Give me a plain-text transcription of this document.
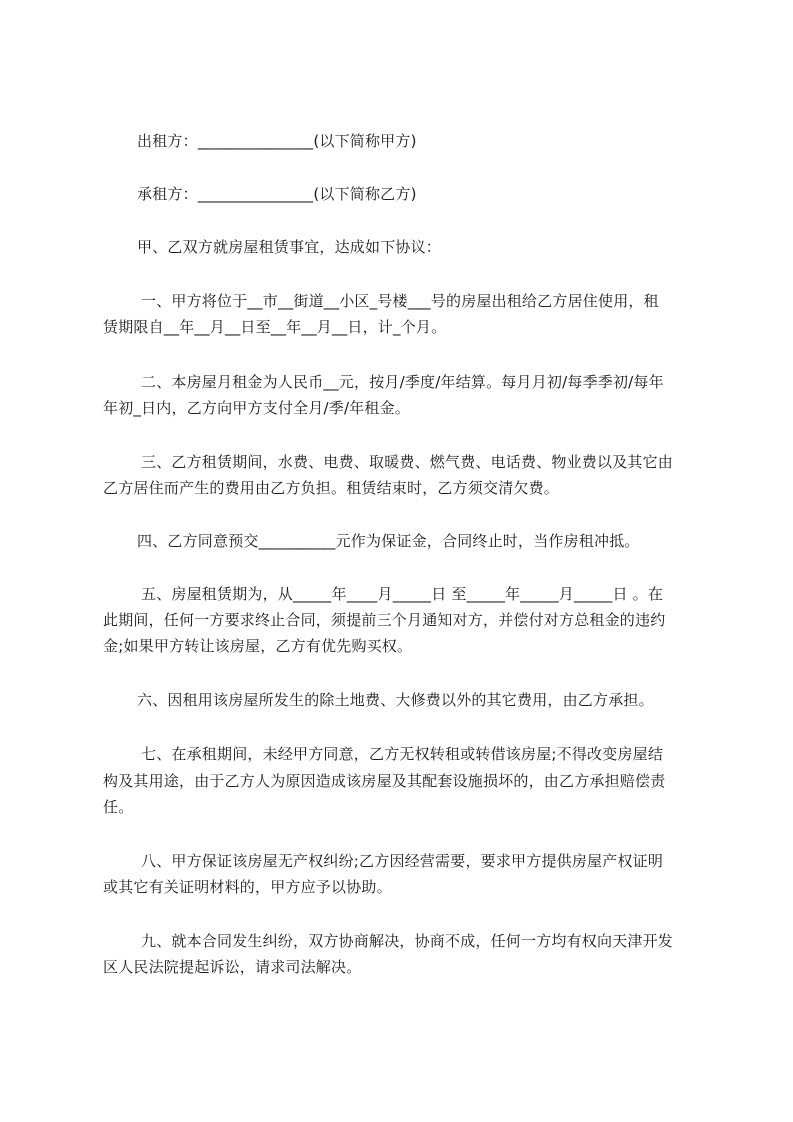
出租方：_______________(以下简称甲方)
承租方：_______________(以下简称乙方)
甲、乙双方就房屋租赁事宜，达成如下协议：
一、甲方将位于__市__街道__小区_号楼___号的房屋出租给乙方居住使用，租
赁期限自__年__月__日至__年__月__日，计_个月。
二、本房屋月租金为人民币__元，按月/季度/年结算。每月月初/每季季初/每年
年初_日内，乙方向甲方支付全月/季/年租金。
三、乙方租赁期间，水费、电费、取暖费、燃气费、电话费、物业费以及其它由
乙方居住而产生的费用由乙方负担。租赁结束时，乙方须交清欠费。
四、乙方同意预交__________元作为保证金，合同终止时，当作房租冲抵。
五、房屋租赁期为，从_____年____月_____日 至_____年_____月_____日 。在
此期间，任何一方要求终止合同，须提前三个月通知对方，并偿付对方总租金的违约
金;如果甲方转让该房屋，乙方有优先购买权。
六、因租用该房屋所发生的除土地费、大修费以外的其它费用，由乙方承担。
七、在承租期间，未经甲方同意，乙方无权转租或转借该房屋;不得改变房屋结
构及其用途，由于乙方人为原因造成该房屋及其配套设施损坏的，由乙方承担赔偿责
任。
八、甲方保证该房屋无产权纠纷;乙方因经营需要，要求甲方提供房屋产权证明
或其它有关证明材料的，甲方应予以协助。
九、就本合同发生纠纷，双方协商解决，协商不成，任何一方均有权向天津开发
区人民法院提起诉讼，请求司法解决。
